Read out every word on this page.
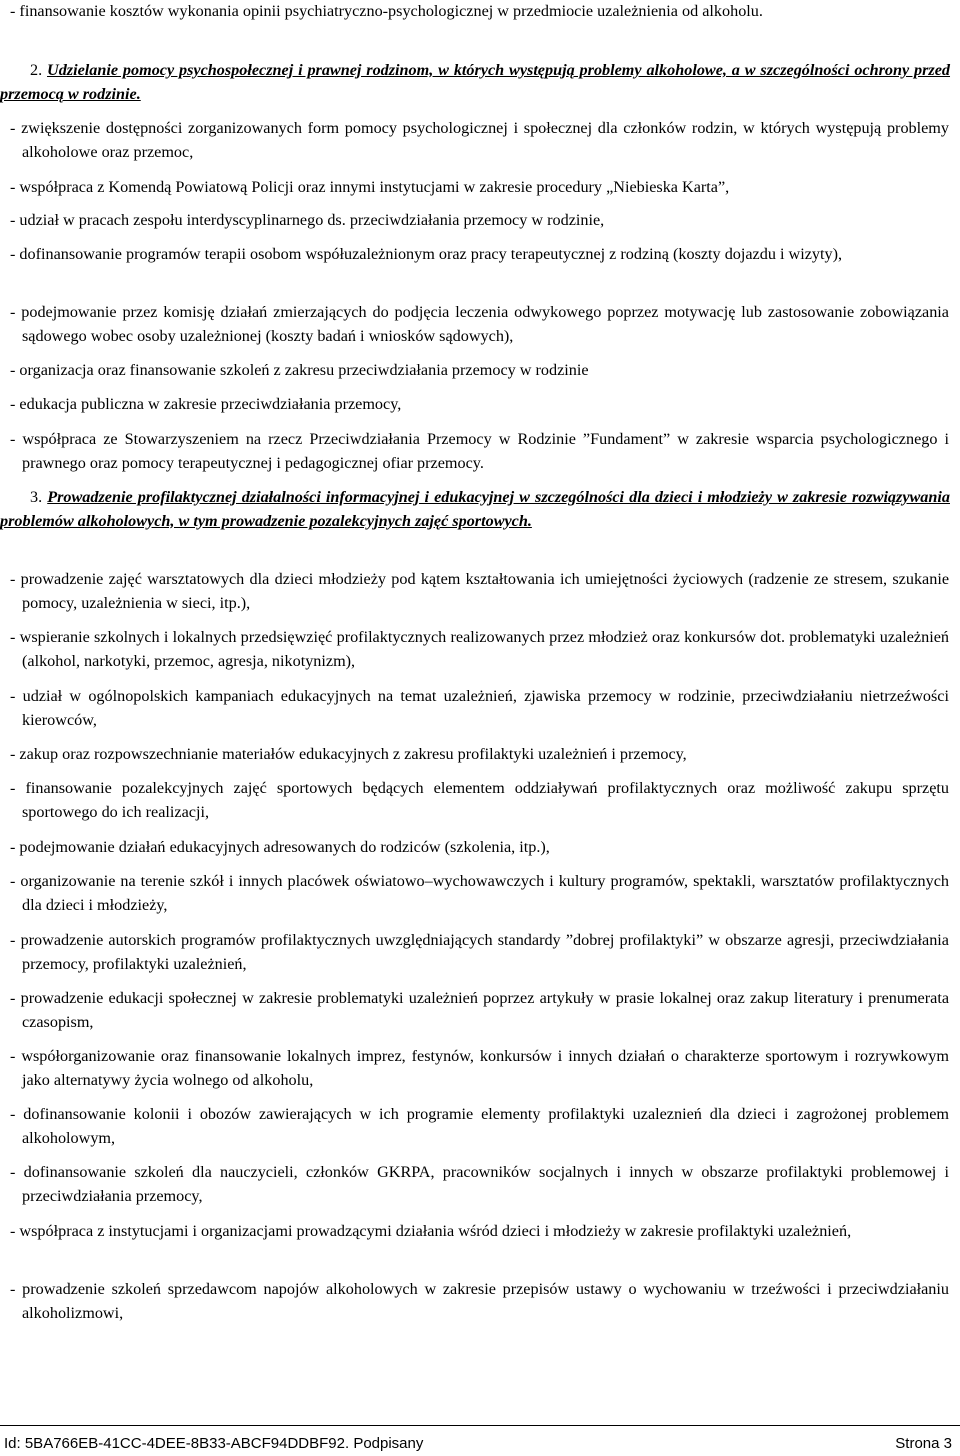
- finansowanie kosztów wykonania opinii psychiatryczno-psychologicznej w przedmiocie uzależnienia od alkoholu.
2. Udzielanie pomocy psychospołecznej i prawnej rodzinom, w których występują problemy alkoholowe, a w szczególności ochrony przed przemocą w rodzinie.
- zwiększenie dostępności zorganizowanych form pomocy psychologicznej i społecznej dla członków rodzin, w których występują problemy alkoholowe oraz przemoc,
- współpraca z Komendą Powiatową Policji oraz innymi instytucjami w zakresie procedury „Niebieska Karta”,
- udział w pracach zespołu interdyscyplinarnego ds. przeciwdziałania przemocy w rodzinie,
- dofinansowanie programów terapii osobom współuzależnionym oraz pracy terapeutycznej z rodziną (koszty dojazdu i wizyty),
- podejmowanie przez komisję działań zmierzających do podjęcia leczenia odwykowego poprzez motywację lub zastosowanie zobowiązania sądowego wobec osoby uzależnionej (koszty badań i wniosków sądowych),
- organizacja oraz finansowanie szkoleń z zakresu przeciwdziałania przemocy w rodzinie
- edukacja publiczna w zakresie przeciwdziałania przemocy,
- współpraca ze Stowarzyszeniem na rzecz Przeciwdziałania Przemocy w Rodzinie ”Fundament” w zakresie wsparcia psychologicznego i prawnego oraz pomocy terapeutycznej i pedagogicznej ofiar przemocy.
3. Prowadzenie profilaktycznej działalności informacyjnej i edukacyjnej w szczególności dla dzieci i młodzieży w zakresie rozwiązywania problemów alkoholowych, w tym prowadzenie pozalekcyjnych zajęć sportowych.
- prowadzenie zajęć warsztatowych dla dzieci młodzieży pod kątem kształtowania ich umiejętności życiowych (radzenie ze stresem, szukanie pomocy, uzależnienia w sieci, itp.),
- wspieranie szkolnych i lokalnych przedsięwzięć profilaktycznych realizowanych przez młodzież oraz konkursów dot. problematyki uzależnień (alkohol, narkotyki, przemoc, agresja, nikotynizm),
- udział w ogólnopolskich kampaniach edukacyjnych na temat uzależnień, zjawiska przemocy w rodzinie, przeciwdziałaniu nietrzeźwości kierowców,
- zakup oraz rozpowszechnianie materiałów edukacyjnych z zakresu profilaktyki uzależnień i przemocy,
- finansowanie pozalekcyjnych zajęć sportowych będących elementem oddziaływań profilaktycznych oraz możliwość zakupu sprzętu sportowego do ich realizacji,
- podejmowanie działań edukacyjnych adresowanych do rodziców (szkolenia, itp.),
- organizowanie na terenie szkół i innych placówek oświatowo–wychowawczych i kultury programów, spektakli, warsztatów profilaktycznych dla dzieci i młodzieży,
- prowadzenie autorskich programów profilaktycznych uwzględniających standardy ”dobrej profilaktyki” w obszarze agresji, przeciwdziałania przemocy, profilaktyki uzależnień,
- prowadzenie edukacji społecznej w zakresie problematyki uzależnień poprzez artykuły w prasie lokalnej oraz zakup literatury i prenumerata czasopism,
- współorganizowanie oraz finansowanie lokalnych imprez, festynów, konkursów i innych działań o charakterze sportowym i rozrywkowym jako alternatywy życia wolnego od alkoholu,
- dofinansowanie kolonii i obozów zawierających w ich programie elementy profilaktyki uzaleznień dla dzieci i zagrożonej problemem alkoholowym,
- dofinansowanie szkoleń dla nauczycieli, członków GKRPA, pracowników socjalnych i innych w obszarze profilaktyki problemowej i przeciwdziałania przemocy,
- współpraca z instytucjami i organizacjami prowadzącymi działania wśród dzieci i młodzieży w zakresie profilaktyki uzależnień,
- prowadzenie szkoleń sprzedawcom napojów alkoholowych w zakresie przepisów ustawy o wychowaniu w trzeźwości i przeciwdziałaniu alkoholizmowi,
Id: 5BA766EB-41CC-4DEE-8B33-ABCF94DDBF92. Podpisany	Strona 3
